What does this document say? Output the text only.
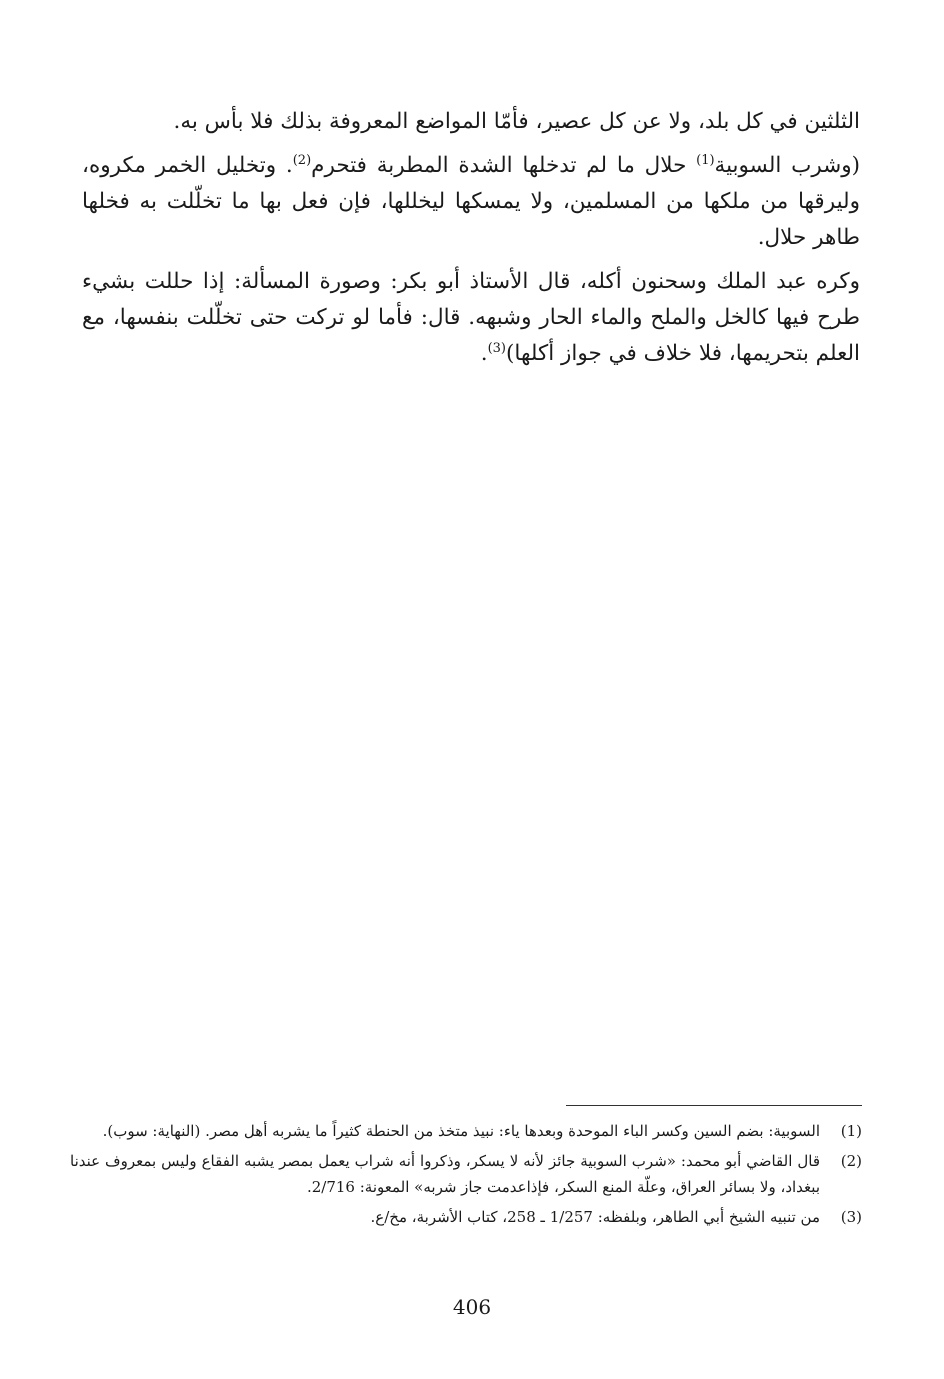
الثلثين في كل بلد، ولا عن كل عصير، فأمّا المواضع المعروفة بذلك فلا بأس به.

(وشرب السوبية$^{(1)}$ حلال ما لم تدخلها الشدة المطربة فتحرم$^{(2)}$. وتخليل الخمر مكروه، وليرقها من ملكها من المسلمين، ولا يمسكها ليخللها، فإن فعل بها ما تخلّلت به فخلها طاهر حلال.

وكره عبد الملك وسحنون أكله، قال الأستاذ أبو بكر: وصورة المسألة: إذا حللت بشيء طرح فيها كالخل والملح والماء الحار وشبهه. قال: فأما لو تركت حتى تخلّلت بنفسها، مع العلم بتحريمها، فلا خلاف في جواز أكلها)$^{(3)}$.

(1)
السوبية: بضم السين وكسر الباء الموحدة وبعدها ياء: نبيذ متخذ من الحنطة كثيراً ما يشربه أهل مصر. (النهاية: سوب).
(2)
قال القاضي أبو محمد: «شرب السوبية جائز لأنه لا يسكر، وذكروا أنه شراب يعمل بمصر يشبه الفقاع وليس بمعروف عندنا ببغداد، ولا بسائر العراق، وعلّة المنع السكر، فإذاعدمت جاز شربه» المعونة: 2/716.
(3)
من تنبيه الشيخ أبي الطاهر، وبلفظه: 1/257 ـ 258، كتاب الأشربة، مخ/ع.
406
